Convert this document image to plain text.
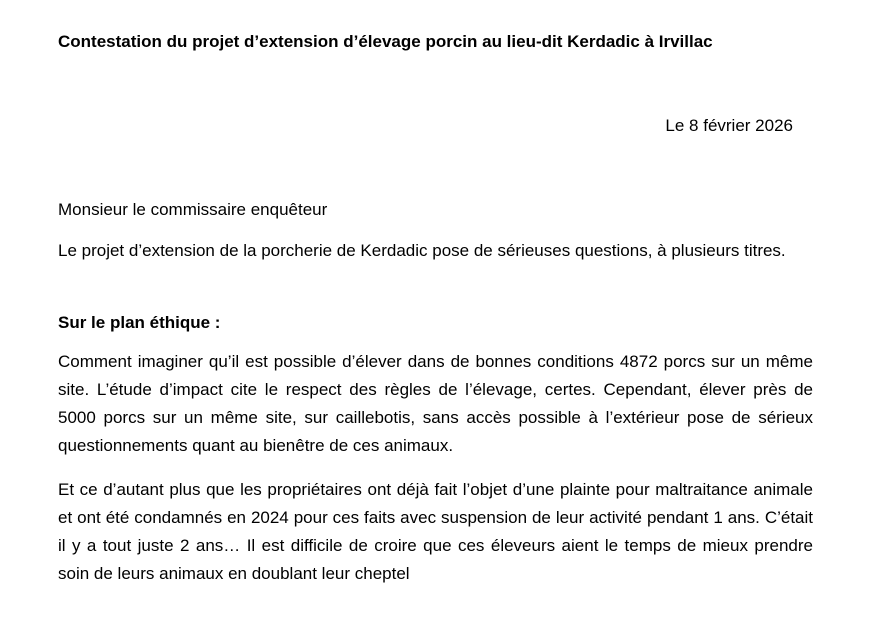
Contestation du projet d’extension d’élevage porcin au lieu-dit Kerdadic à Irvillac
Le 8 février 2026
Monsieur le commissaire enquêteur
Le projet d’extension de la porcherie de Kerdadic pose de sérieuses questions, à plusieurs titres.
Sur le plan éthique :
Comment imaginer qu’il est possible d’élever dans de bonnes conditions 4872 porcs sur un même site. L’étude d’impact cite le respect des règles de l’élevage, certes. Cependant, élever près de 5000 porcs sur un même site, sur caillebotis, sans accès possible à l’extérieur pose de sérieux questionnements quant au bienêtre de ces animaux.
Et ce d’autant plus que les propriétaires ont déjà fait l’objet d’une plainte pour maltraitance animale et ont été condamnés en 2024 pour ces faits avec suspension de leur activité pendant 1 ans. C’était il y a tout juste 2 ans… Il est difficile de croire que ces éleveurs aient le temps de mieux prendre soin de leurs animaux en doublant leur cheptel
